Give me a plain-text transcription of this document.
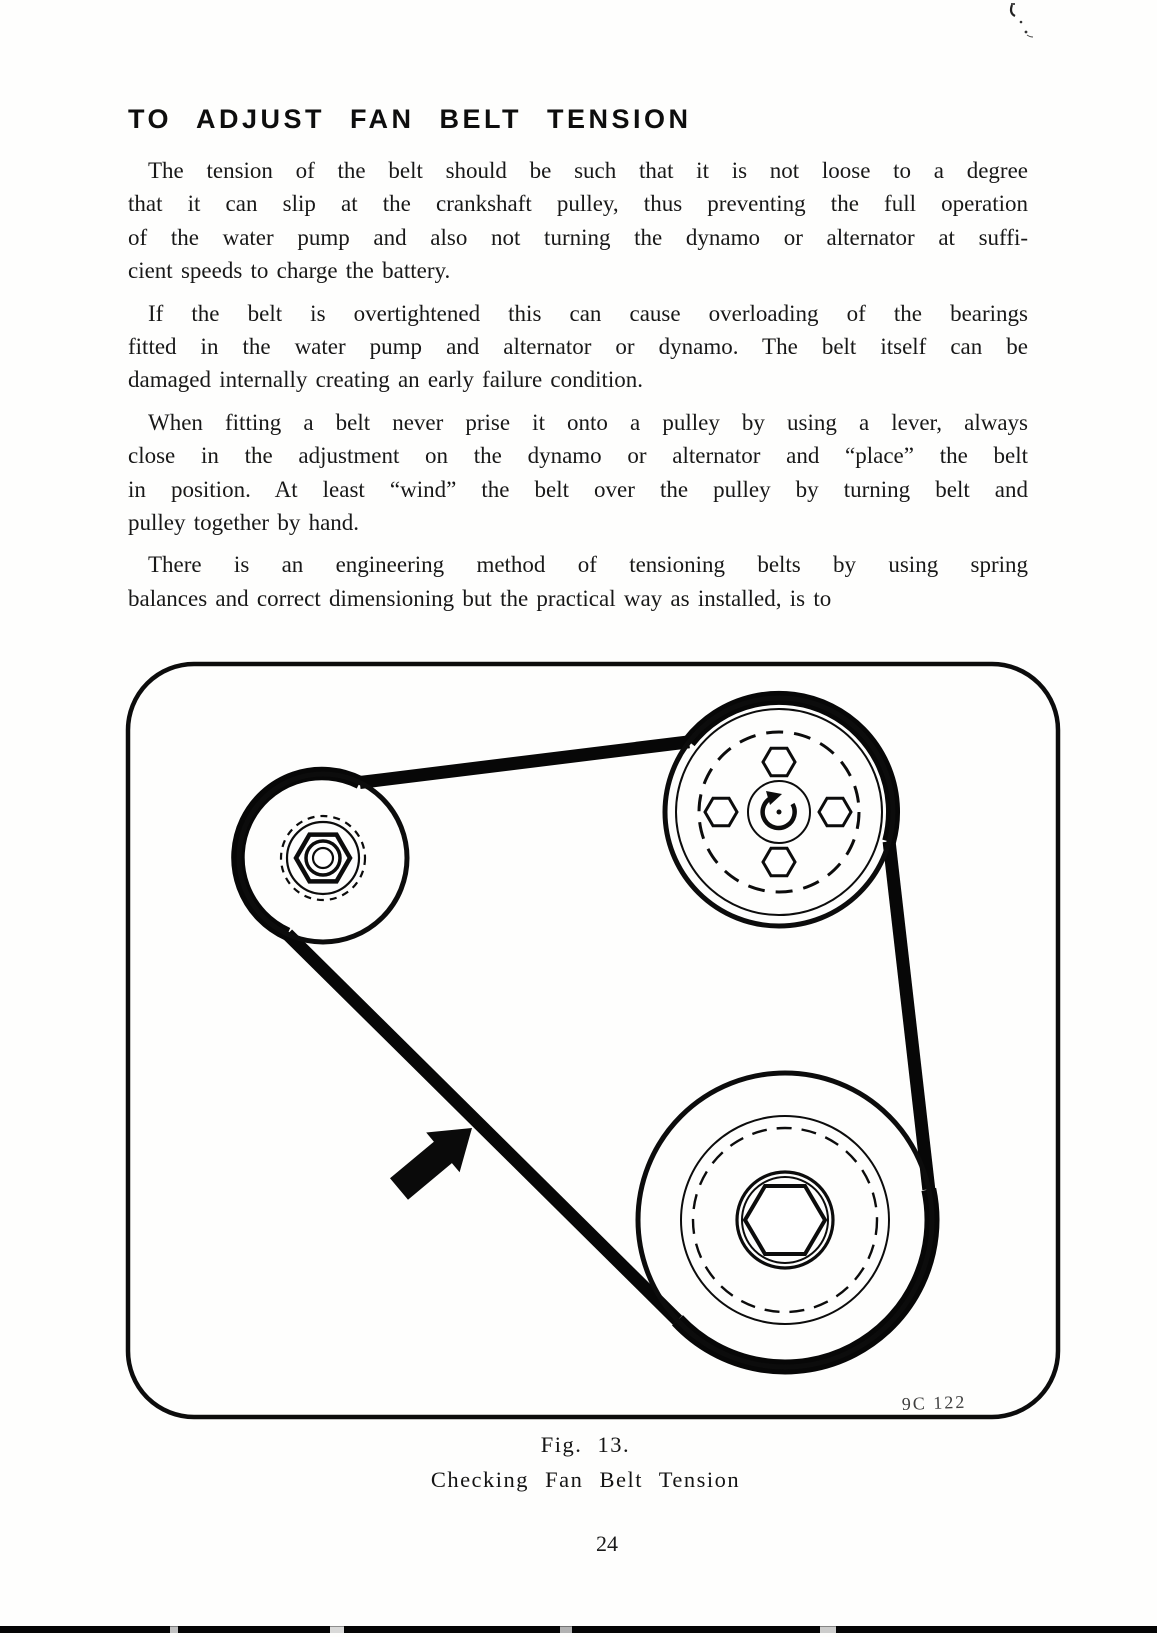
TO ADJUST FAN BELT TENSION
The tension of the belt should be such that it is not loose to a degree
that it can slip at the crankshaft pulley, thus preventing the full operation
of the water pump and also not turning the dynamo or alternator at suffi-
cient speeds to charge the battery.
If the belt is overtightened this can cause overloading of the bearings
fitted in the water pump and alternator or dynamo. The belt itself can be
damaged internally creating an early failure condition.
When fitting a belt never prise it onto a pulley by using a lever, always
close in the adjustment on the dynamo or alternator and “place” the belt
in position. At least “wind” the belt over the pulley by turning belt and
pulley together by hand.
There is an engineering method of tensioning belts by using spring
balances and correct dimensioning but the practical way as installed, is to
9C 122
Fig. 13.
Checking Fan Belt Tension
24
